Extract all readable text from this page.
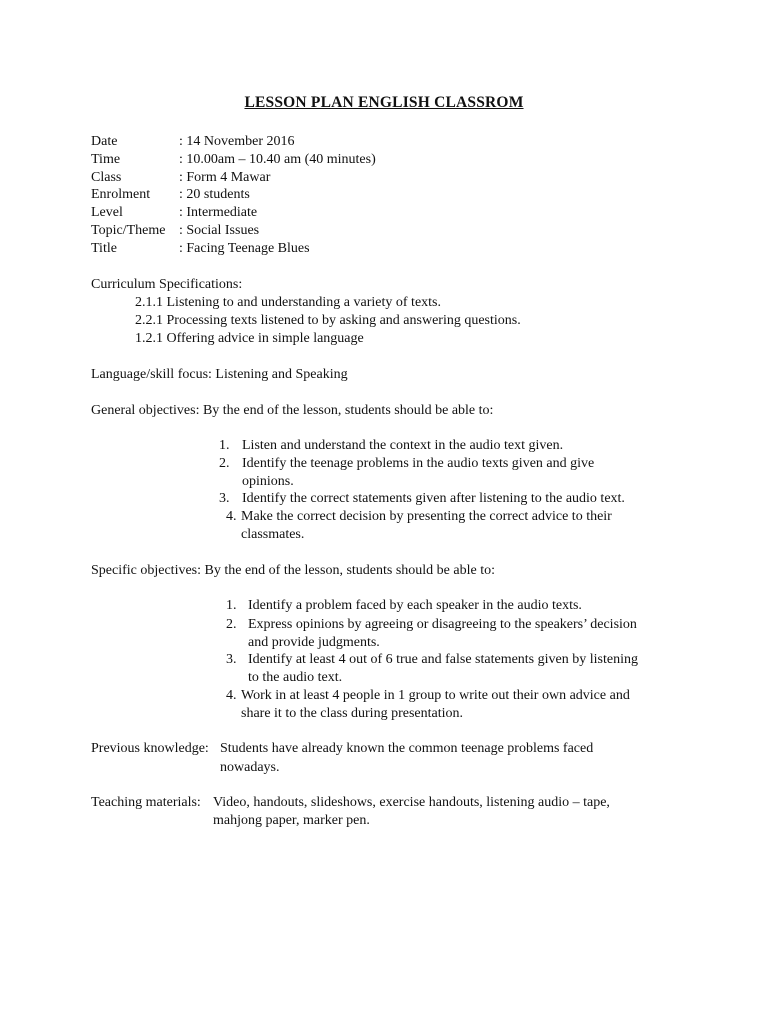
LESSON PLAN ENGLISH CLASSROM
Date	: 14 November 2016
Time	: 10.00am – 10.40 am (40 minutes)
Class	: Form 4 Mawar
Enrolment	: 20 students
Level	: Intermediate
Topic/Theme : Social Issues
Title	: Facing Teenage Blues
Curriculum Specifications:
2.1.1 Listening to and understanding a variety of texts.
2.2.1 Processing texts listened to by asking and answering questions.
1.2.1 Offering advice in simple language
Language/skill focus: Listening and Speaking
General objectives: By the end of the lesson, students should be able to:
1. Listen and understand the context in the audio text given.
2. Identify the teenage problems in the audio texts given and give
opinions.
3. Identify the correct statements given after listening to the audio text.
4. Make the correct decision by presenting the correct advice to their
classmates.
Specific objectives: By the end of the lesson, students should be able to:
1. Identify a problem faced by each speaker in the audio texts.
2. Express opinions by agreeing or disagreeing to the speakers’ decision
and provide judgments.
3. Identify at least 4 out of 6 true and false statements given by listening
to the audio text.
4. Work in at least 4 people in 1 group to write out their own advice and
share it to the class during presentation.
Previous knowledge: Students have already known the common teenage problems faced
nowadays.
Teaching materials: Video, handouts, slideshows, exercise handouts, listening audio – tape,
mahjong paper, marker pen.
